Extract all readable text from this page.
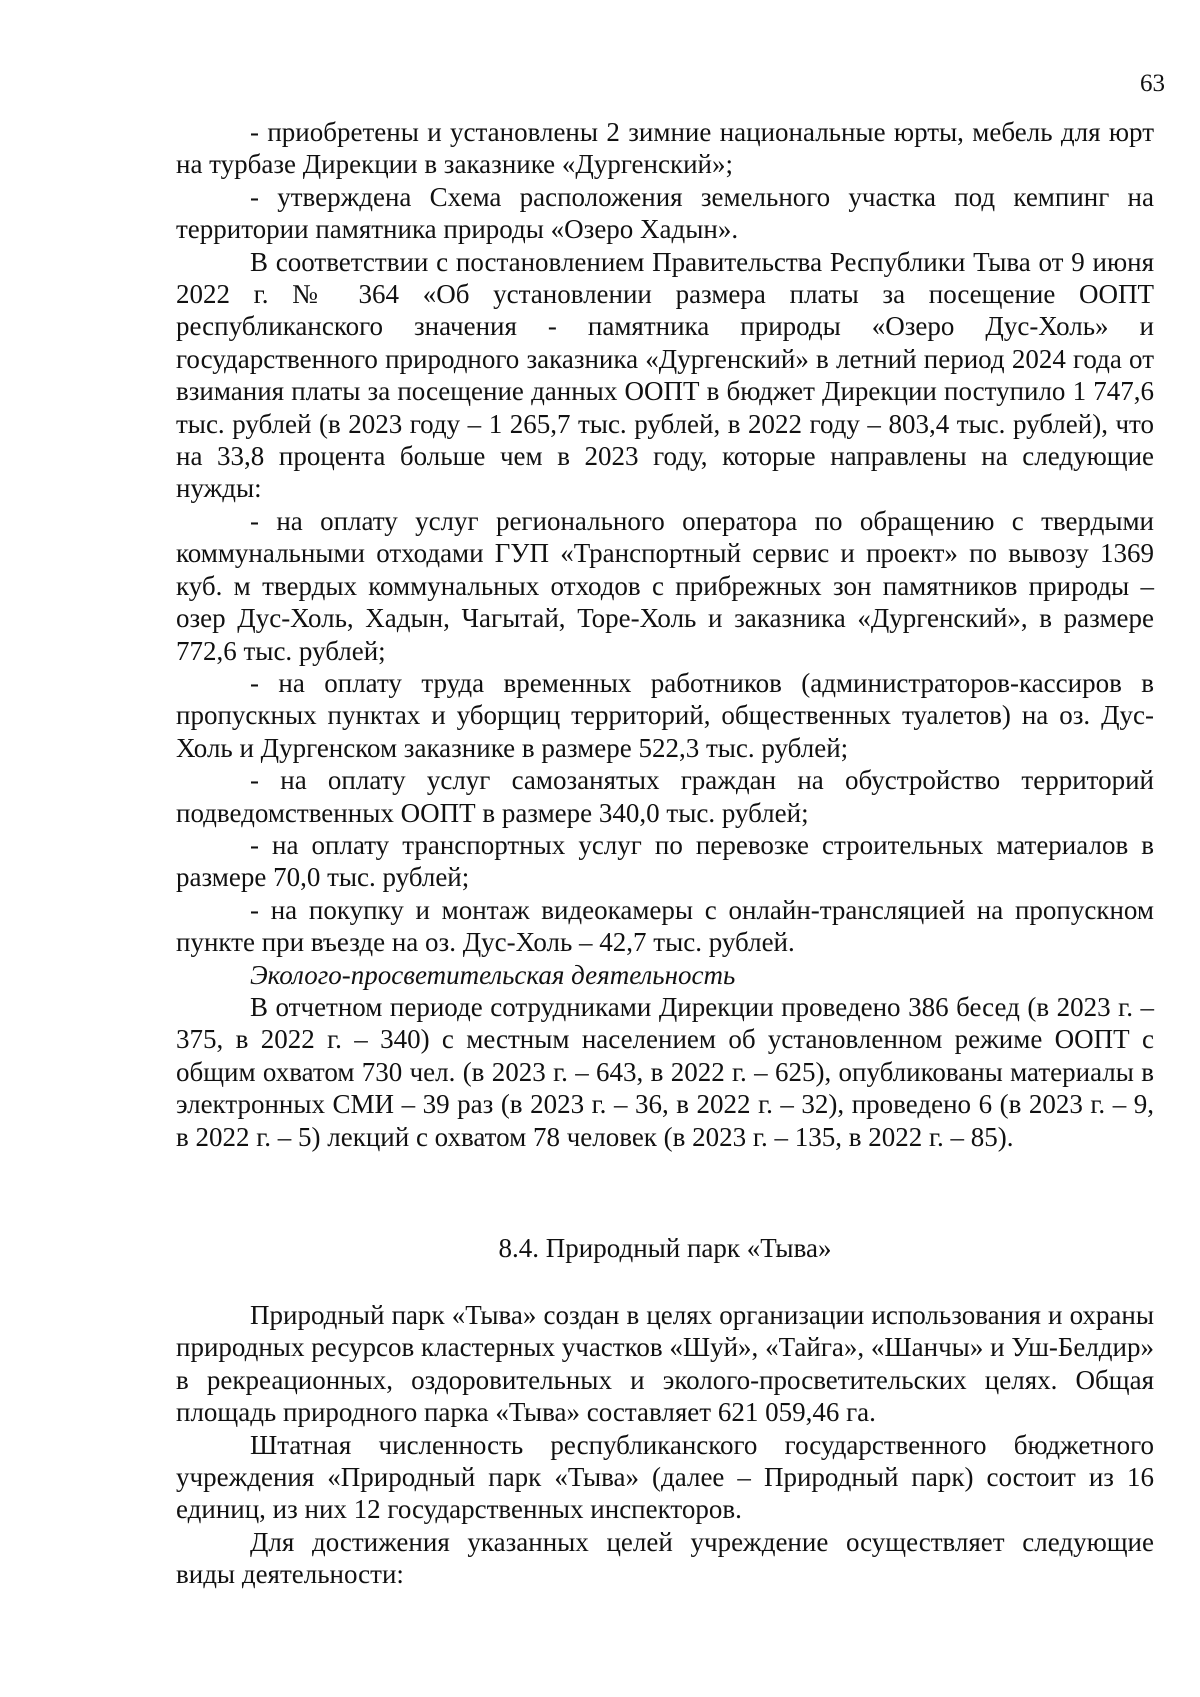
63

- приобретены и установлены 2 зимние национальные юрты, мебель для юрт на турбазе Дирекции в заказнике «Дургенский»;

- утверждена Схема расположения земельного участка под кемпинг на территории памятника природы «Озеро Хадын».

В соответствии с постановлением Правительства Республики Тыва от 9 июня 2022 г. № 364 «Об установлении размера платы за посещение ООПТ республиканского значения - памятника природы «Озеро Дус-Холь» и государственного природного заказника «Дургенский» в летний период 2024 года от взимания платы за посещение данных ООПТ в бюджет Дирекции поступило 1 747,6 тыс. рублей (в 2023 году – 1 265,7 тыс. рублей, в 2022 году – 803,4 тыс. рублей), что на 33,8 процента больше чем в 2023 году, которые направлены на следующие нужды:

- на оплату услуг регионального оператора по обращению с твердыми коммунальными отходами ГУП «Транспортный сервис и проект» по вывозу 1369 куб. м твердых коммунальных отходов с прибрежных зон памятников природы – озер Дус-Холь, Хадын, Чагытай, Торе-Холь и заказника «Дургенский», в размере 772,6 тыс. рублей;

- на оплату труда временных работников (администраторов-кассиров в пропускных пунктах и уборщиц территорий, общественных туалетов) на оз. Дус-Холь и Дургенском заказнике в размере 522,3 тыс. рублей;

- на оплату услуг самозанятых граждан на обустройство территорий подведомственных ООПТ в размере 340,0 тыс. рублей;

- на оплату транспортных услуг по перевозке строительных материалов в размере 70,0 тыс. рублей;

- на покупку и монтаж видеокамеры с онлайн-трансляцией на пропускном пункте при въезде на оз. Дус-Холь – 42,7 тыс. рублей.

Эколого-просветительская деятельность

В отчетном периоде сотрудниками Дирекции проведено 386 бесед (в 2023 г. – 375, в 2022 г. – 340) с местным населением об установленном режиме ООПТ с общим охватом 730 чел. (в 2023 г. – 643, в 2022 г. – 625), опубликованы материалы в электронных СМИ – 39 раз (в 2023 г. – 36, в 2022 г. – 32), проведено 6 (в 2023 г. – 9, в 2022 г. – 5) лекций с охватом 78 человек (в 2023 г. – 135, в 2022 г. – 85).

8.4. Природный парк «Тыва»

Природный парк «Тыва» создан в целях организации использования и охраны природных ресурсов кластерных участков «Шуй», «Тайга», «Шанчы» и Уш-Белдир» в рекреационных, оздоровительных и эколого-просветительских целях. Общая площадь природного парка «Тыва» составляет 621 059,46 га.

Штатная численность республиканского государственного бюджетного учреждения «Природный парк «Тыва» (далее – Природный парк) состоит из 16 единиц, из них 12 государственных инспекторов.

Для достижения указанных целей учреждение осуществляет следующие виды деятельности:
